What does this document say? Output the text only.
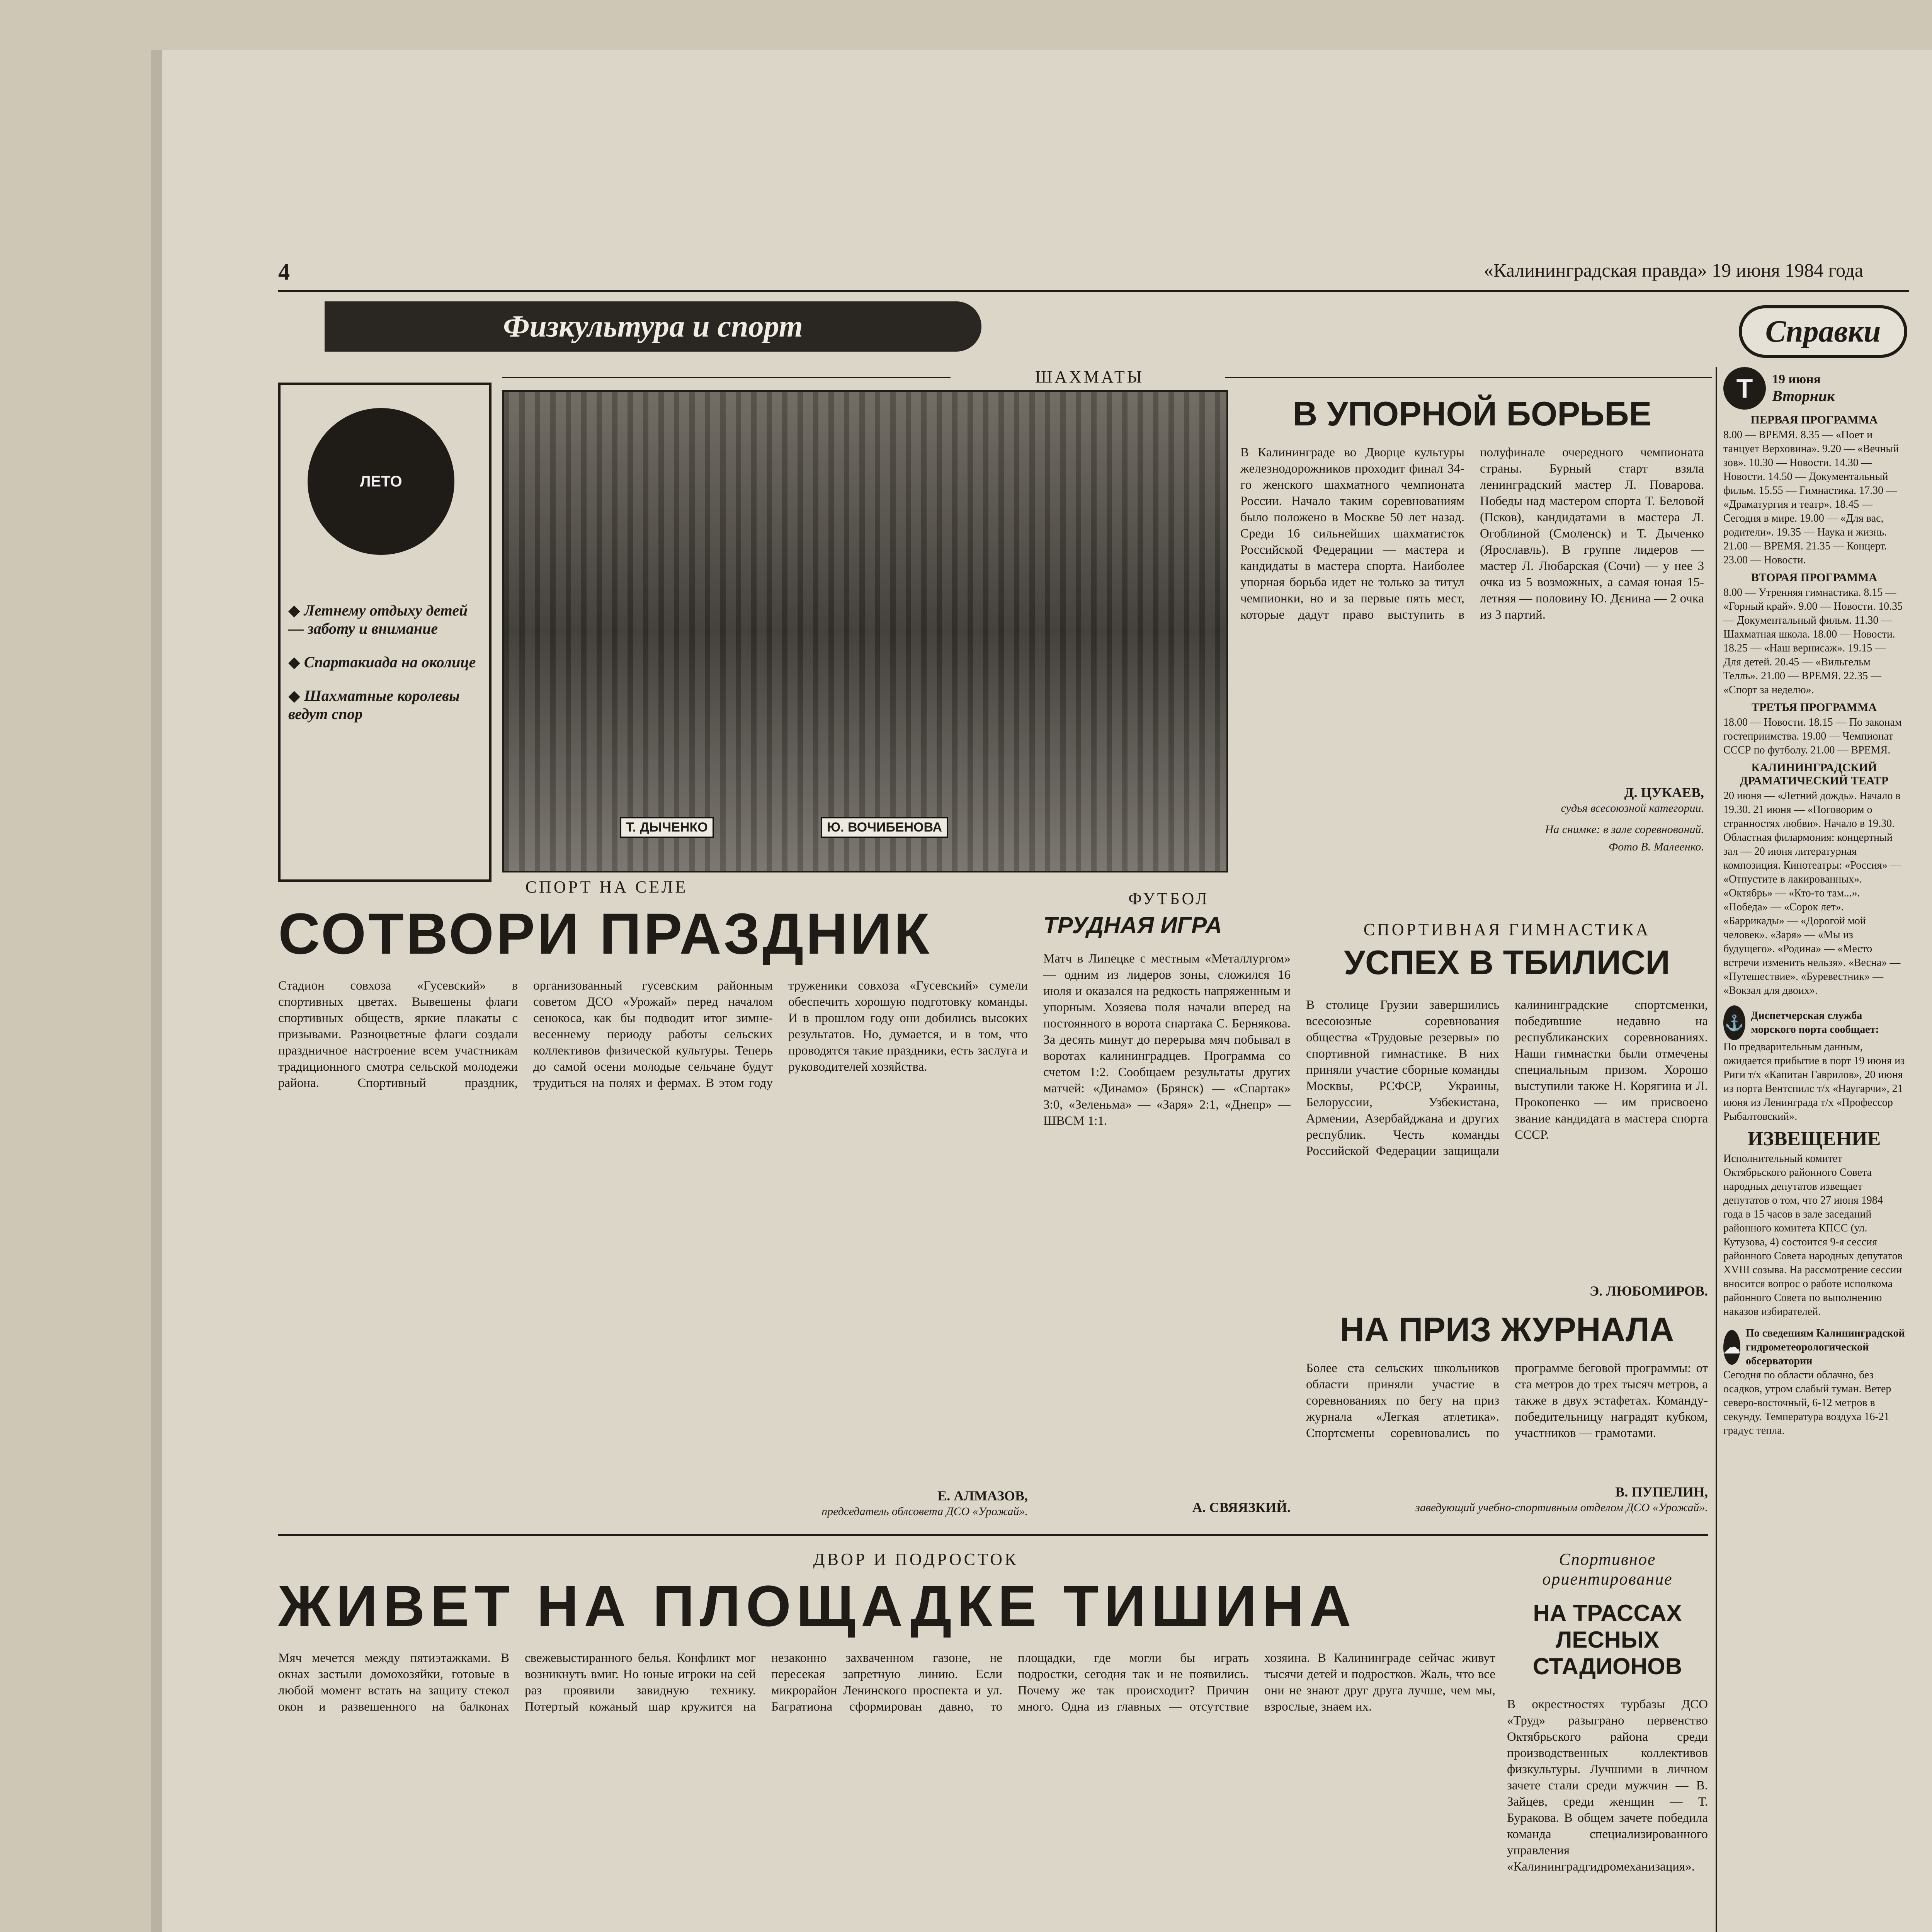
4	«Калининградская правда» 19 июня 1984 года
Физкультура и спорт	Справки
ЛЕТО
◆ Летнему отдыху детей — заботу и внимание
◆ Спартакиада на околице
◆ Шахматные королевы ведут спор
Т. ДЫЧЕНКО	Ю. ВОЧИБЕНОВА
ШАХМАТЫ
В УПОРНОЙ БОРЬБЕ
В Калининграде во Дворце культуры железнодорожников проходит финал 34-го женского шахматного чемпионата России. Начало таким соревнованиям было положено в Москве 50 лет назад. Среди 16 сильнейших шахматисток Российской Федерации — мастера и кандидаты в мастера спорта. Наиболее упорная борьба идет не только за титул чемпионки, но и за первые пять мест, которые дадут право выступить в полуфинале очередного чемпионата страны. Бурный старт взяла ленинградский мастер Л. Поварова. Победы над мастером спорта Т. Беловой (Псков), кандидатами в мастера Л. Огоблиной (Смоленск) и Т. Дыченко (Ярославль). В группе лидеров — мастер Л. Любарская (Сочи) — у нее 3 очка из 5 возможных, а самая юная 15-летняя — половину Ю. Дєнина — 2 очка из 3 партий.
Д. ЦУКАЕВ,
судья всесоюзной категории.
На снимке: в зале соревнований.
Фото В. Малеенко.
СПОРТ НА СЕЛЕ
СОТВОРИ ПРАЗДНИК
Стадион совхоза «Гусевский» в спортивных цветах. Вывешены флаги спортивных обществ, яркие плакаты с призывами. Разноцветные флаги создали праздничное настроение всем участникам традиционного смотра сельской молодежи района. Спортивный праздник, организованный гусевским районным советом ДСО «Урожай» перед началом сенокоса, как бы подводит итог зимне-весеннему периоду работы сельских коллективов физической культуры. Теперь до самой осени молодые сельчане будут трудиться на полях и фермах. В этом году труженики совхоза «Гусевский» сумели обеспечить хорошую подготовку команды. И в прошлом году они добились высоких результатов. Но, думается, и в том, что проводятся такие праздники, есть заслуга и руководителей хозяйства.
Е. АЛМАЗОВ,
председатель облсовета ДСО «Урожай».
ФУТБОЛ
ТРУДНАЯ ИГРА
Матч в Липецке с местным «Металлургом» — одним из лидеров зоны, сложился 16 июля и оказался на редкость напряженным и упорным. Хозяева поля начали вперед на постоянного в ворота спартака С. Бернякова. За десять минут до перерыва мяч побывал в воротах калининградцев. Программа со счетом 1:2. Сообщаем результаты других матчей: «Динамо» (Брянск) — «Спартак» 3:0, «Зеленьма» — «Заря» 2:1, «Днепр» — ШВСМ 1:1.
А. СВЯЯЗКИЙ.
СПОРТИВНАЯ ГИМНАСТИКА
УСПЕХ В ТБИЛИСИ
В столице Грузии завершились всесоюзные соревнования общества «Трудовые резервы» по спортивной гимнастике. В них приняли участие сборные команды Москвы, РСФСР, Украины, Белоруссии, Узбекистана, Армении, Азербайджана и других республик. Честь команды Российской Федерации защищали калининградские спортсменки, победившие недавно на республиканских соревнованиях. Наши гимнастки были отмечены специальным призом. Хорошо выступили также Н. Корягина и Л. Прокопенко — им присвоено звание кандидата в мастера спорта СССР.
Э. ЛЮБОМИРОВ.
НА ПРИЗ ЖУРНАЛА
Более ста сельских школьников области приняли участие в соревнованиях по бегу на приз журнала «Легкая атлетика». Спортсмены соревновались по программе беговой программы: от ста метров до трех тысяч метров, а также в двух эстафетах. Команду-победительницу наградят кубком, участников — грамотами.
В. ПУПЕЛИН,
заведующий учебно-спортивным отделом ДСО «Урожай».
ДВОР И ПОДРОСТОК
ЖИВЕТ НА ПЛОЩАДКЕ ТИШИНА
Мяч мечется между пятиэтажками. В окнах застыли домохозяйки, готовые в любой момент встать на защиту стекол окон и развешенного на балконах свежевыстиранного белья. Конфликт мог возникнуть вмиг. Но юные игроки на сей раз проявили завидную технику. Потертый кожаный шар кружится на незаконно захваченном газоне, не пересекая запретную линию. Если микрорайон Ленинского проспекта и ул. Багратиона сформирован давно, то площадки, где могли бы играть подростки, сегодня так и не появились. Почему же так происходит? Причин много. Одна из главных — отсутствие хозяина. В Калининграде сейчас живут тысячи детей и подростков. Жаль, что все они не знают друг друга лучше, чем мы, взрослые, знаем их.
Спортивное ориентирование
НА ТРАССАХ ЛЕСНЫХ СТАДИОНОВ
В окрестностях турбазы ДСО «Труд» разыграно первенство Октябрьского района среди производственных коллективов физкультуры. Лучшими в личном зачете стали среди мужчин — В. Зайцев, среди женщин — Т. Буракова. В общем зачете победила команда специализированного управления «Калининградгидромеханизация».
Т	19 июня
Вторник
ПЕРВАЯ ПРОГРАММА
8.00 — ВРЕМЯ. 8.35 — «Поет и танцует Верховина». 9.20 — «Вечный зов». 10.30 — Новости. 14.30 — Новости. 14.50 — Документальный фильм. 15.55 — Гимнастика. 17.30 — «Драматургия и театр». 18.45 — Сегодня в мире. 19.00 — «Для вас, родители». 19.35 — Наука и жизнь. 21.00 — ВРЕМЯ. 21.35 — Концерт. 23.00 — Новости.
ВТОРАЯ ПРОГРАММА
8.00 — Утренняя гимнастика. 8.15 — «Горный край». 9.00 — Новости. 10.35 — Документальный фильм. 11.30 — Шахматная школа. 18.00 — Новости. 18.25 — «Наш вернисаж». 19.15 — Для детей. 20.45 — «Вильгельм Телль». 21.00 — ВРЕМЯ. 22.35 — «Спорт за неделю».
ТРЕТЬЯ ПРОГРАММА
18.00 — Новости. 18.15 — По законам гостеприимства. 19.00 — Чемпионат СССР по футболу. 21.00 — ВРЕМЯ.
КАЛИНИНГРАДСКИЙ ДРАМАТИЧЕСКИЙ ТЕАТР
20 июня — «Летний дождь». Начало в 19.30. 21 июня — «Поговорим о странностях любви». Начало в 19.30. Областная филармония: концертный зал — 20 июня литературная композиция. Кинотеатры: «Россия» — «Отпустите в лакированных». «Октябрь» — «Кто-то там...». «Победа» — «Сорок лет». «Баррикады» — «Дорогой мой человек». «Заря» — «Мы из будущего». «Родина» — «Место встречи изменить нельзя». «Весна» — «Путешествие». «Буревестник» — «Вокзал для двоих».
⚓ Диспетчерская служба морского порта сообщает:
По предварительным данным, ожидается прибытие в порт 19 июня из Риги т/х «Капитан Гаврилов», 20 июня из порта Вентспилс т/х «Наугарчи», 21 июня из Ленинграда т/х «Профессор Рыбалтовский».
ИЗВЕЩЕНИЕ
Исполнительный комитет Октябрьского районного Совета народных депутатов извещает депутатов о том, что 27 июня 1984 года в 15 часов в зале заседаний районного комитета КПСС (ул. Кутузова, 4) состоится 9-я сессия районного Совета народных депутатов XVIII созыва. На рассмотрение сессии вносится вопрос о работе исполкома районного Совета по выполнению наказов избирателей.
☁
По сведениям Калининградской гидрометеорологической обсерватории
Сегодня по области облачно, без осадков, утром слабый туман. Ветер северо-восточный, 6-12 метров в секунду. Температура воздуха 16-21 градус тепла.
